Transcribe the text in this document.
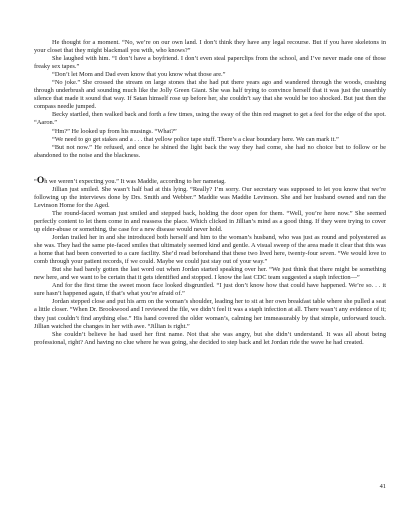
He thought for a moment. “No, we’re on our own land. I don’t think they have any legal recourse. But if you have skeletons in your closet that they might blackmail you with, who knows?”

She laughed with him. “I don’t have a boyfriend. I don’t even steal paperclips from the school, and I’ve never made one of those freaky sex tapes.”

“Don’t let Mom and Dad even know that you know what those are.”

“No joke.” She crossed the stream on large stones that she had put there years ago and wandered through the woods, crashing through underbrush and sounding much like the Jolly Green Giant. She was half trying to convince herself that it was just the unearthly silence that made it sound that way. If Satan himself rose up before her, she couldn’t say that she would be too shocked. But just then the compass needle jumped.

Becky startled, then walked back and forth a few times, using the sway of the thin red magnet to get a feel for the edge of the spot. “Aaron.”

“Hm?” He looked up from his musings. “What?”

“We need to go get stakes and a . . . that yellow police tape stuff. There’s a clear boundary here. We can mark it.”

“But not now.” He refused, and once he shined the light back the way they had come, she had no choice but to follow or be abandoned to the noise and the blackness.

“Oh we weren’t expecting you.” It was Maddie, according to her nametag.

Jillian just smiled. She wasn’t half bad at this lying. “Really? I’m sorry. Our secretary was supposed to let you know that we’re following up the interviews done by Drs. Smith and Webber.” Maddie was Maddie Levinson. She and her husband owned and ran the Levinson Home for the Aged.

The round-faced woman just smiled and stepped back, holding the door open for them. “Well, you’re here now.” She seemed perfectly content to let them come in and reassess the place. Which clicked in Jillian’s mind as a good thing. If they were trying to cover up elder-abuse or something, the case for a new disease would never hold.

Jordan trailed her in and she introduced both herself and him to the woman’s husband, who was just as round and polyestered as she was. They had the same pie-faced smiles that ultimately seemed kind and gentle. A visual sweep of the area made it clear that this was a home that had been converted to a care facility. She’d read beforehand that these two lived here, twenty-four seven. “We would love to comb through your patient records, if we could. Maybe we could just stay out of your way.”

But she had barely gotten the last word out when Jordan started speaking over her. “We just think that there might be something new here, and we want to be certain that it gets identified and stopped. I know the last CDC team suggested a staph infection—”

And for the first time the sweet moon face looked disgruntled. “I just don’t know how that could have happened. We’re so. . . it sure hasn’t happened again, if that’s what you’re afraid of.”

Jordan stepped close and put his arm on the woman’s shoulder, leading her to sit at her own breakfast table where she pulled a seat a little closer. “When Dr. Brookwood and I reviewed the file, we didn’t feel it was a staph infection at all. There wasn’t any evidence of it; they just couldn’t find anything else.” His hand covered the older woman’s, calming her immeasurably by that simple, unforward touch. Jillian watched the changes in her with awe. “Jillian is right.”

She couldn’t believe he had used her first name. Not that she was angry, but she didn’t understand. It was all about being professional, right? And having no clue where he was going, she decided to step back and let Jordan ride the wave he had created.

41
